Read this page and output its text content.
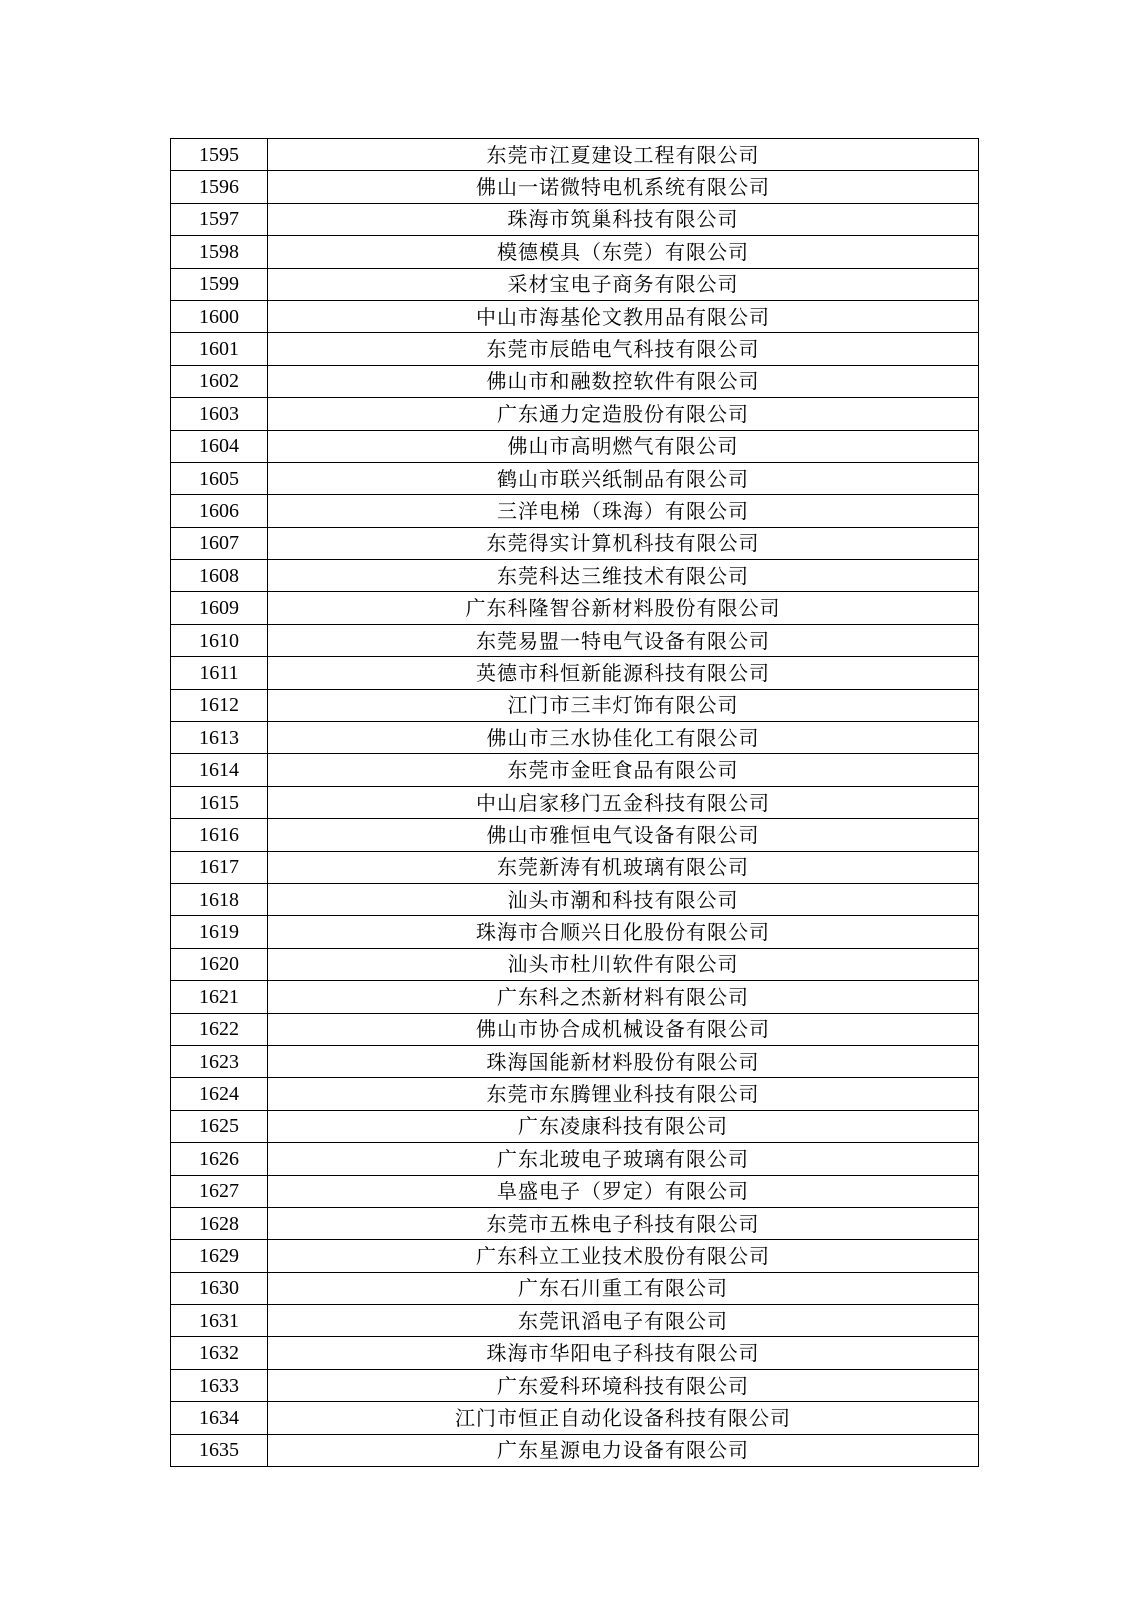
1595	东莞市江夏建设工程有限公司
1596	佛山一诺微特电机系统有限公司
1597	珠海市筑巢科技有限公司
1598	模德模具（东莞）有限公司
1599	采材宝电子商务有限公司
1600	中山市海基伦文教用品有限公司
1601	东莞市辰皓电气科技有限公司
1602	佛山市和融数控软件有限公司
1603	广东通力定造股份有限公司
1604	佛山市高明燃气有限公司
1605	鹤山市联兴纸制品有限公司
1606	三洋电梯（珠海）有限公司
1607	东莞得实计算机科技有限公司
1608	东莞科达三维技术有限公司
1609	广东科隆智谷新材料股份有限公司
1610	东莞易盟一特电气设备有限公司
1611	英德市科恒新能源科技有限公司
1612	江门市三丰灯饰有限公司
1613	佛山市三水协佳化工有限公司
1614	东莞市金旺食品有限公司
1615	中山启家移门五金科技有限公司
1616	佛山市雅恒电气设备有限公司
1617	东莞新涛有机玻璃有限公司
1618	汕头市潮和科技有限公司
1619	珠海市合顺兴日化股份有限公司
1620	汕头市杜川软件有限公司
1621	广东科之杰新材料有限公司
1622	佛山市协合成机械设备有限公司
1623	珠海国能新材料股份有限公司
1624	东莞市东腾锂业科技有限公司
1625	广东凌康科技有限公司
1626	广东北玻电子玻璃有限公司
1627	阜盛电子（罗定）有限公司
1628	东莞市五株电子科技有限公司
1629	广东科立工业技术股份有限公司
1630	广东石川重工有限公司
1631	东莞讯滔电子有限公司
1632	珠海市华阳电子科技有限公司
1633	广东爱科环境科技有限公司
1634	江门市恒正自动化设备科技有限公司
1635	广东星源电力设备有限公司
